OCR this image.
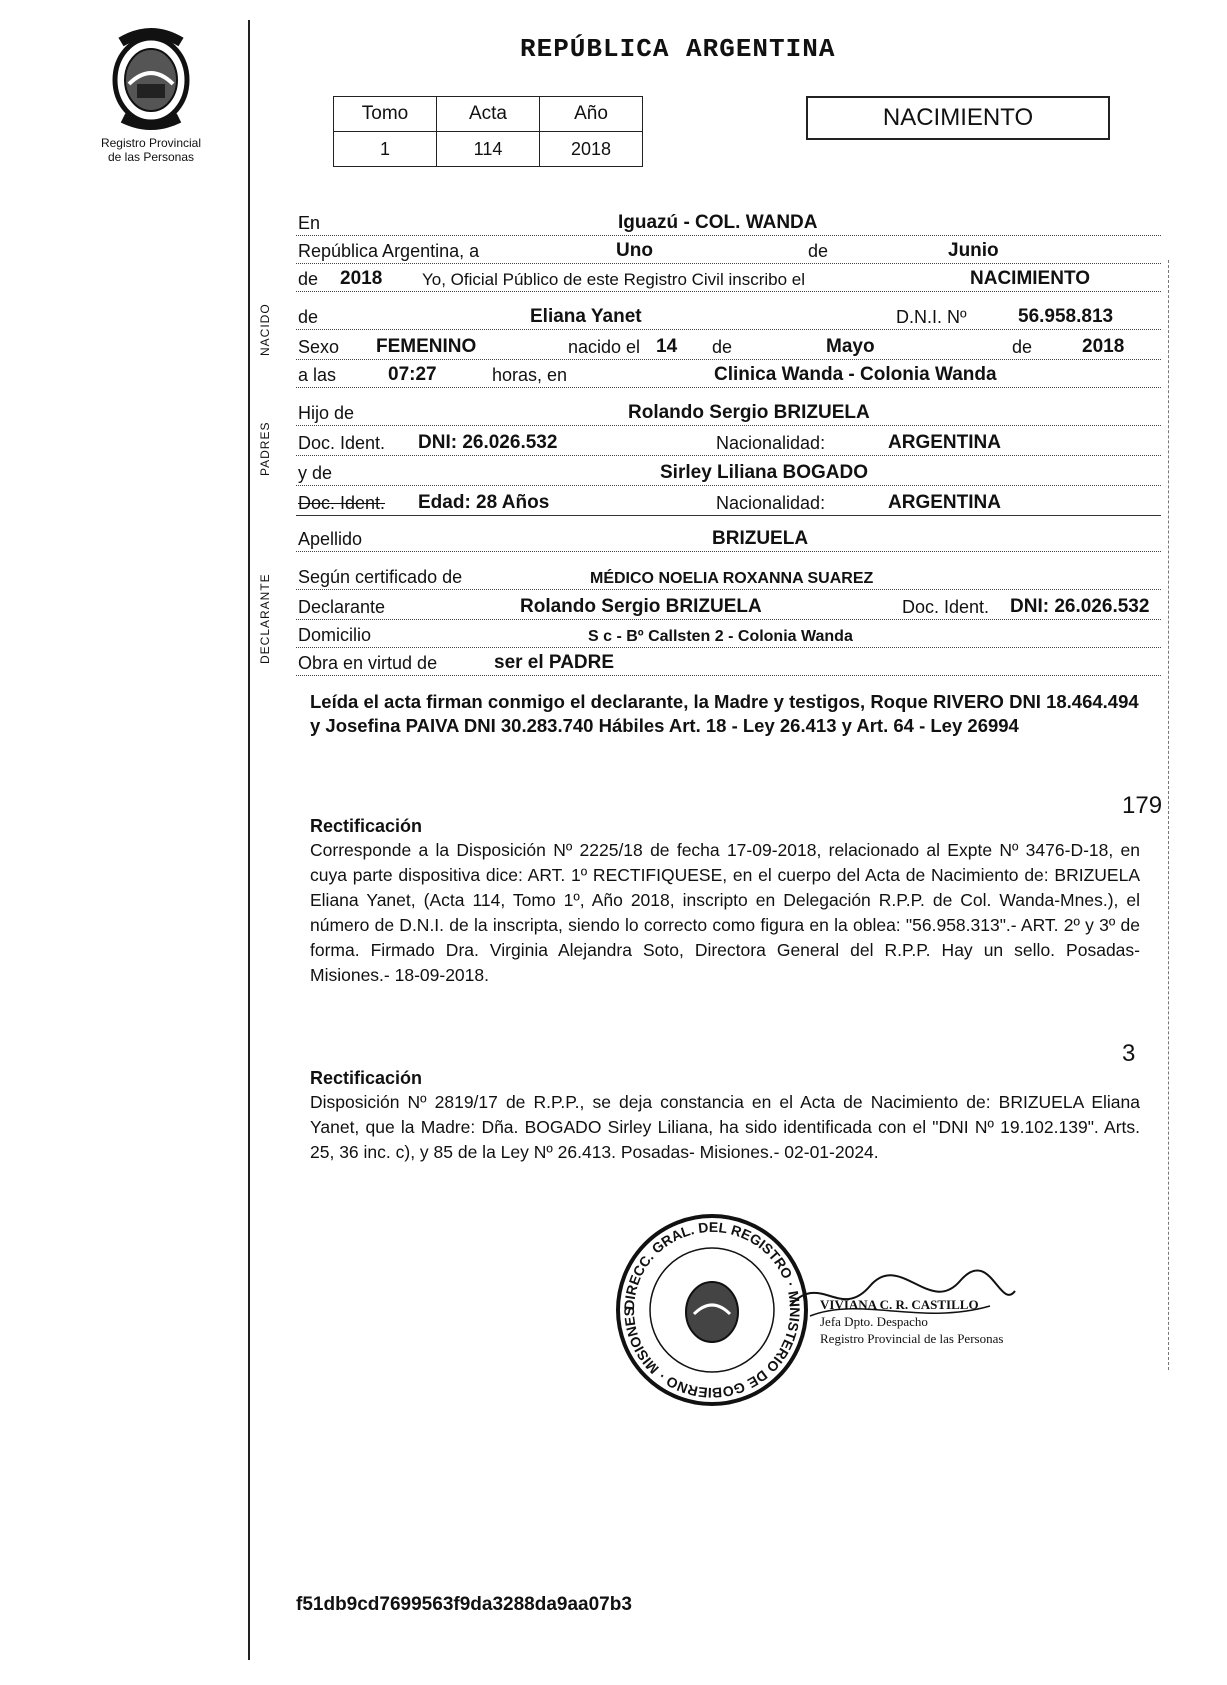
Registro Provincial
de las Personas
REPÚBLICA ARGENTINA
Tomo	Acta	Año
1	114	2018
NACIMIENTO
NACIDO
PADRES
DECLARANTE
En	Iguazú - COL. WANDA
República Argentina, a	Uno	de	Junio
de 2018 Yo, Oficial Público de este Registro Civil inscribo el	NACIMIENTO
de	Eliana Yanet	D.N.I. Nº	56.958.813
Sexo FEMENINO	nacido el 14 de	Mayo	de	2018
a las	07:27	horas, en	Clinica Wanda - Colonia Wanda
Hijo de	Rolando Sergio BRIZUELA
Doc. Ident. DNI: 26.026.532	Nacionalidad:	ARGENTINA
y de	Sirley Liliana BOGADO
Doc. Ident. Edad: 28 Años	Nacionalidad:	ARGENTINA
Apellido	BRIZUELA
Según certificado de	MÉDICO NOELIA ROXANNA SUAREZ
Declarante	Rolando Sergio BRIZUELA	Doc. Ident. DNI: 26.026.532
Domicilio	S c - Bº Callsten 2 - Colonia Wanda
Obra en virtud de	ser el PADRE
Leída el acta firman conmigo el declarante, la Madre y testigos, Roque RIVERO DNI 18.464.494 y Josefina PAIVA DNI 30.283.740 Hábiles Art. 18 - Ley 26.413 y Art. 64 - Ley 26994
179
Rectificación
Corresponde a la Disposición Nº 2225/18 de fecha 17-09-2018, relacionado al Expte Nº 3476-D-18, en cuya parte dispositiva dice: ART. 1º RECTIFIQUESE, en el cuerpo del Acta de Nacimiento de: BRIZUELA Eliana Yanet, (Acta 114, Tomo 1º, Año 2018, inscripto en Delegación R.P.P. de Col. Wanda-Mnes.), el número de D.N.I. de la inscripta, siendo lo correcto como figura en la oblea: "56.958.313".- ART. 2º y 3º de forma. Firmado Dra. Virginia Alejandra Soto, Directora General del R.P.P. Hay un sello. Posadas- Misiones.- 18-09-2018.
3
Rectificación
Disposición Nº 2819/17 de R.P.P., se deja constancia en el Acta de Nacimiento de: BRIZUELA Eliana Yanet, que la Madre: Dña. BOGADO Sirley Liliana, ha sido identificada con el "DNI Nº 19.102.139". Arts. 25, 36 inc. c), y 85 de la Ley Nº 26.413. Posadas- Misiones.- 02-01-2024.
DIRECC. GRAL. DEL REGISTRO · MINISTERIO DE GOBIERNO · MISIONES	VIVIANA C. R. CASTILLO
Jefa Dpto. Despacho
Registro Provincial de las Personas
f51db9cd7699563f9da3288da9aa07b3
